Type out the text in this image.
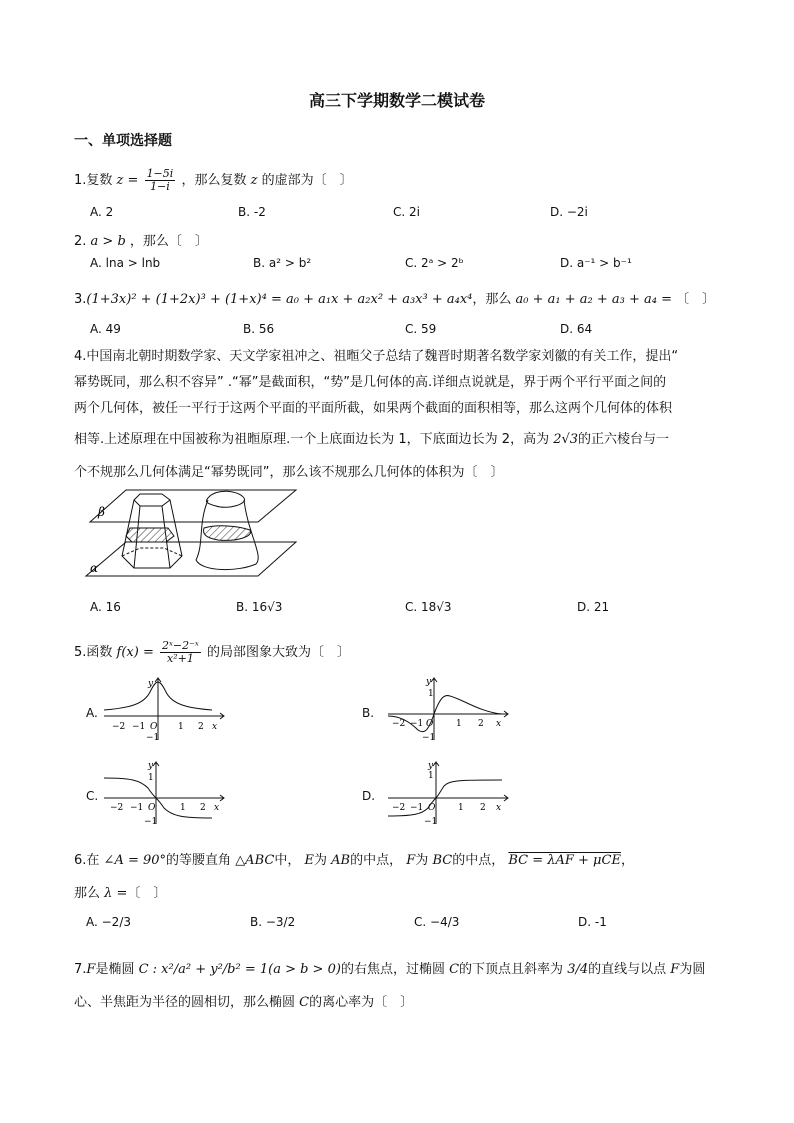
高三下学期数学二模试卷
一、单项选择题
1.复数 $z = \frac{1-5i}{1-i}$ ，那么复数 z 的虚部为〔　〕
A. 2	B. -2	C. 2i	D. −2i
2. a > b ，那么〔　〕
A. lna > lnb	B. a² > b²	C. 2ᵃ > 2ᵇ	D. a⁻¹ > b⁻¹
3.(1+3x)² + (1+2x)³ + (1+x)⁴ = a₀ + a₁x + a₂x² + a₃x³ + a₄x⁴，那么 a₀ + a₁ + a₂ + a₃ + a₄ = 〔　〕
A. 49	B. 56	C. 59	D. 64
4.中国南北朝时期数学家、天文学家祖冲之、祖暅父子总结了魏晋时期著名数学家刘徽的有关工作，提出“
幂势既同，那么积不容异” .“幂”是截面积，“势”是几何体的高.详细点说就是，界于两个平行平面之间的
两个几何体，被任一平行于这两个平面的平面所截，如果两个截面的面积相等，那么这两个几何体的体积
相等.上述原理在中国被称为祖暅原理.一个上底面边长为 1，下底面边长为 2，高为 2√3的正六棱台与一
个不规那么几何体满足“幂势既同”，那么该不规那么几何体的体积为〔　〕
β
α
A. 16	B. 16√3	C. 18√3	D. 21
5.函数 $f(x) = \frac{\text{2ˣ−2⁻ˣ}}{\text{x²+1}}$ 的局部图象大致为〔　〕
A.	B.
C.	D.
−2 −1 O 1 2 x
y
−1
−2 −1 O	1 2 x
y
1
−1
−2 −1 O	1 2 x
y
1
−1
−2 −1 O	1 2 x
y
1
−1
6.在 ∠A = 90°的等腰直角 △ABC中， E为 AB的中点， F为 BC的中点， BC = λAF + μCE，
那么 λ =〔　〕
A. −2/3	B. −3/2	C. −4/3	D. -1
7.F是椭圆 C : x²/a² + y²/b² = 1(a > b > 0)的右焦点，过椭圆 C的下顶点且斜率为 3/4的直线与以点 F为圆
心、半焦距为半径的圆相切，那么椭圆 C的离心率为〔　〕
